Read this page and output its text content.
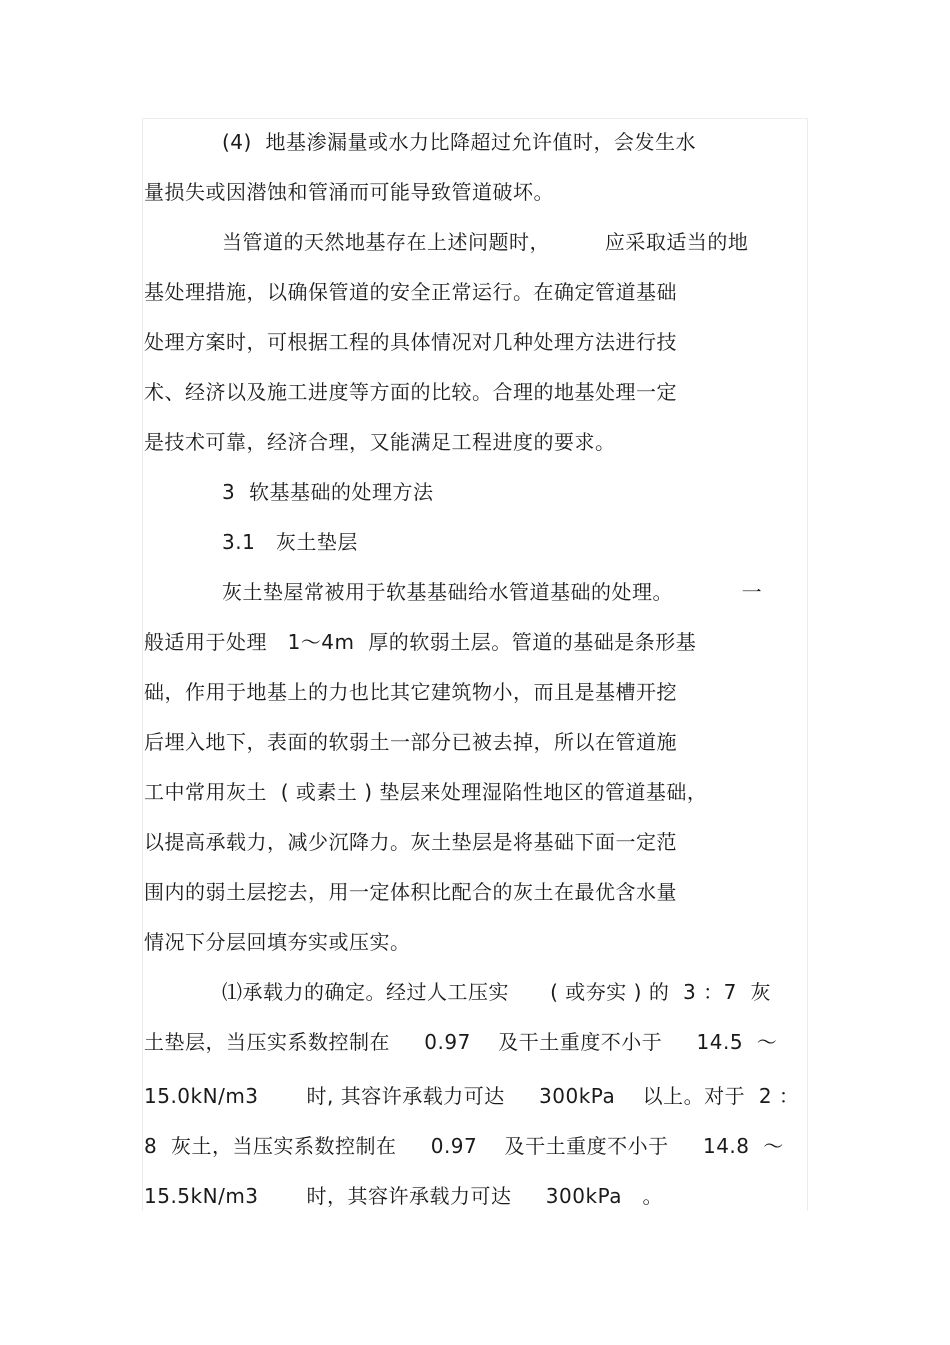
(4)  地基渗漏量或水力比降超过允许值时，会发生水
量损失或因潜蚀和管涌而可能导致管道破坏。
当管道的天然地基存在上述问题时，        应采取适当的地
基处理措施，以确保管道的安全正常运行。在确定管道基础
处理方案时，可根据工程的具体情况对几种处理方法进行技
术、经济以及施工进度等方面的比较。合理的地基处理一定
是技术可靠，经济合理，又能满足工程进度的要求。
3  软基基础的处理方法
3.1   灰土垫层
灰土垫屋常被用于软基基础给水管道基础的处理。          一
般适用于处理   1～4m  厚的软弱土层。管道的基础是条形基
础，作用于地基上的力也比其它建筑物小，而且是基槽开挖
后埋入地下，表面的软弱土一部分已被去掉，所以在管道施
工中常用灰土  ( 或素土 ) 垫层来处理湿陷性地区的管道基础，
以提高承载力，减少沉降力。灰土垫层是将基础下面一定范
围内的弱土层挖去，用一定体积比配合的灰土在最优含水量
情况下分层回填夯实或压实。
⑴承载力的确定。经过人工压实      ( 或夯实 ) 的  3 ：7  灰
土垫层，当压实系数控制在     0.97    及干土重度不小于     14.5  ～
15.0kN/m3       时, 其容许承载力可达     300kPa    以上。对于  2 ：
8  灰土，当压实系数控制在     0.97    及干土重度不小于     14.8  ～
15.5kN/m3       时，其容许承载力可达     300kPa   。
